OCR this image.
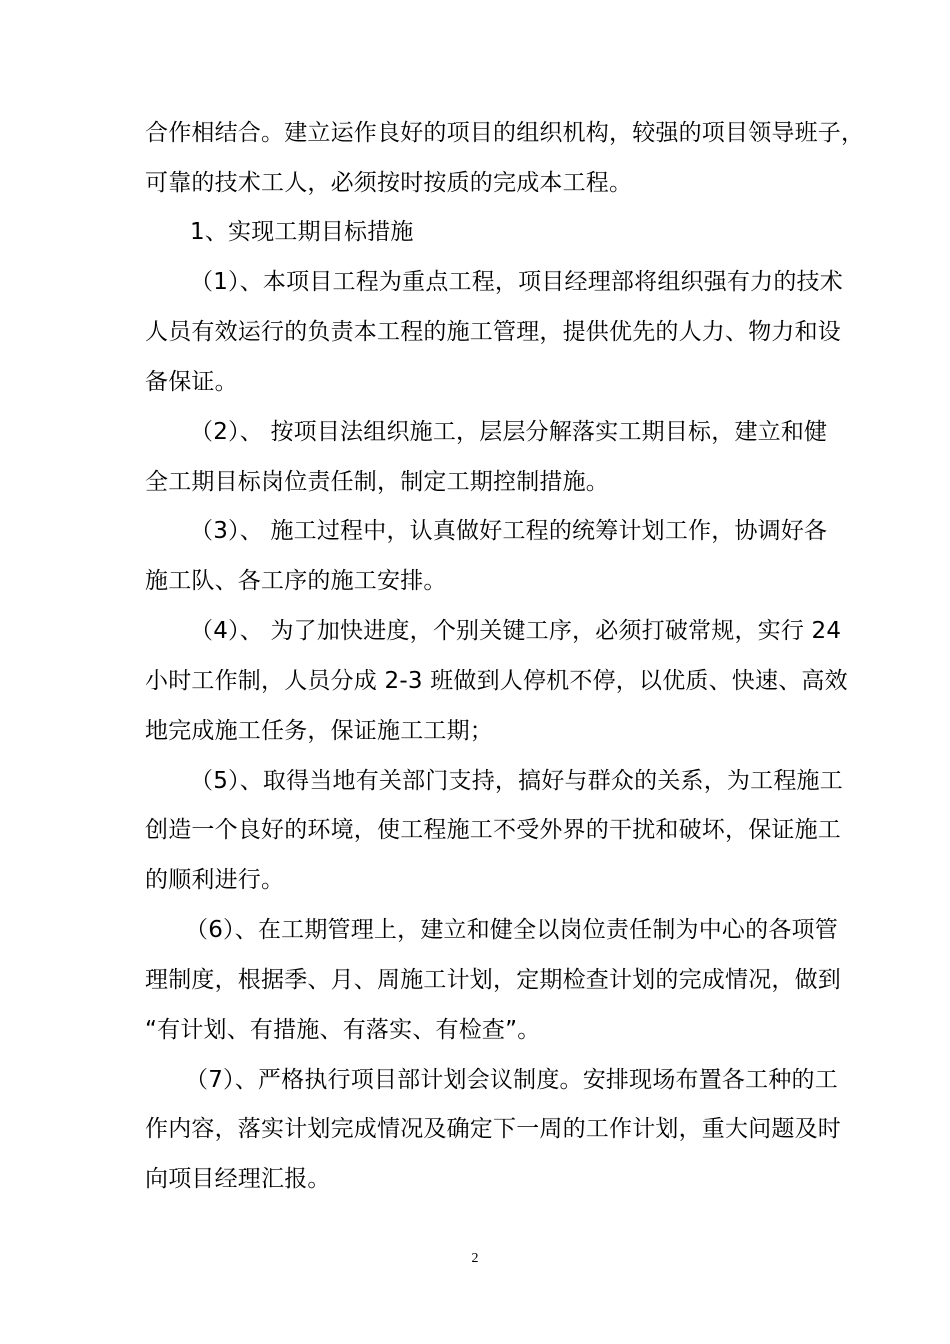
合作相结合。建立运作良好的项目的组织机构，较强的项目领导班子，
可靠的技术工人，必须按时按质的完成本工程。
1、实现工期目标措施
（1）、本项目工程为重点工程，项目经理部将组织强有力的技术
人员有效运行的负责本工程的施工管理，提供优先的人力、物力和设
备保证。
（2）、 按项目法组织施工，层层分解落实工期目标，建立和健
全工期目标岗位责任制，制定工期控制措施。
（3）、 施工过程中，认真做好工程的统筹计划工作，协调好各
施工队、各工序的施工安排。
（4）、 为了加快进度，个别关键工序，必须打破常规，实行 24
小时工作制，人员分成 2-3 班做到人停机不停，以优质、快速、高效
地完成施工任务，保证施工工期；
（5）、取得当地有关部门支持，搞好与群众的关系，为工程施工
创造一个良好的环境，使工程施工不受外界的干扰和破坏，保证施工
的顺利进行。
（6）、在工期管理上，建立和健全以岗位责任制为中心的各项管
理制度，根据季、月、周施工计划，定期检查计划的完成情况，做到
“有计划、有措施、有落实、有检查”。
（7）、严格执行项目部计划会议制度。安排现场布置各工种的工
作内容，落实计划完成情况及确定下一周的工作计划，重大问题及时
向项目经理汇报。
2
